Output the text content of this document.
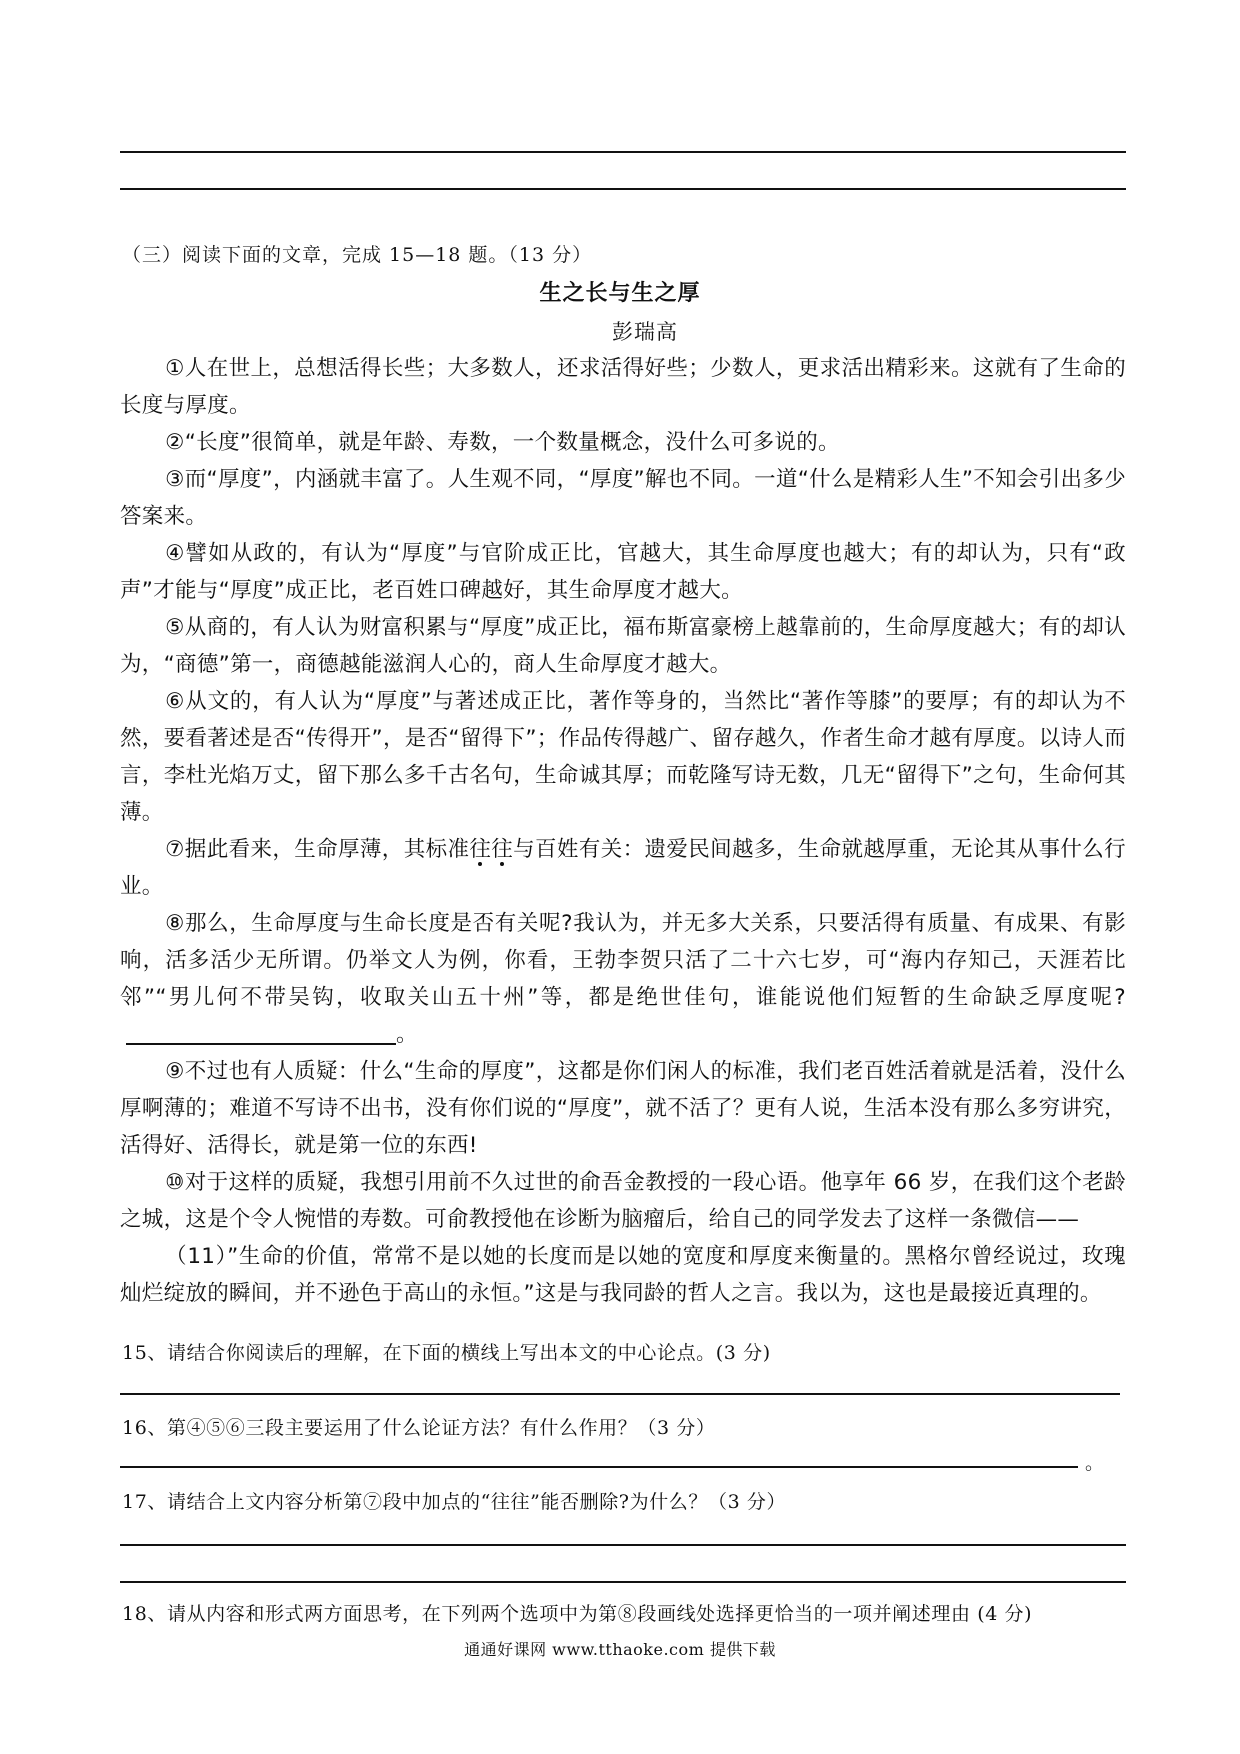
（三）阅读下面的文章，完成 15—18 题。（13 分）
生之长与生之厚
彭瑞高

①人在世上，总想活得长些；大多数人，还求活得好些；少数人，更求活出精彩来。这就有了生命的长度与厚度。

②“长度”很简单，就是年龄、寿数，一个数量概念，没什么可多说的。

③而“厚度”，内涵就丰富了。人生观不同，“厚度”解也不同。一道“什么是精彩人生”不知会引出多少答案来。

④譬如从政的，有认为“厚度”与官阶成正比，官越大，其生命厚度也越大；有的却认为，只有“政声”才能与“厚度”成正比，老百姓口碑越好，其生命厚度才越大。

⑤从商的，有人认为财富积累与“厚度”成正比，福布斯富豪榜上越靠前的，生命厚度越大；有的却认为，“商德”第一，商德越能滋润人心的，商人生命厚度才越大。

⑥从文的，有人认为“厚度”与著述成正比，著作等身的，当然比“著作等膝”的要厚；有的却认为不然，要看著述是否“传得开”，是否“留得下”；作品传得越广、留存越久，作者生命才越有厚度。以诗人而言，李杜光焰万丈，留下那么多千古名句，生命诚其厚；而乾隆写诗无数，几无“留得下”之句，生命何其薄。

⑦据此看来，生命厚薄，其标准往往与百姓有关：遗爱民间越多，生命就越厚重，无论其从事什么行业。

⑧那么，生命厚度与生命长度是否有关呢?我认为，并无多大关系，只要活得有质量、有成果、有影响，活多活少无所谓。仍举文人为例，你看，王勃李贺只活了二十六七岁，可“海内存知己，天涯若比邻”“男儿何不带吴钩，收取关山五十州”等，都是绝世佳句，谁能说他们短暂的生命缺乏厚度呢?。

⑨不过也有人质疑：什么“生命的厚度”，这都是你们闲人的标准，我们老百姓活着就是活着，没什么厚啊薄的；难道不写诗不出书，没有你们说的“厚度”，就不活了？更有人说，生活本没有那么多穷讲究，活得好、活得长，就是第一位的东西!

⑩对于这样的质疑，我想引用前不久过世的俞吾金教授的一段心语。他享年 66 岁，在我们这个老龄之城，这是个令人惋惜的寿数。可俞教授他在诊断为脑瘤后，给自己的同学发去了这样一条微信——

（11）”生命的价值，常常不是以她的长度而是以她的宽度和厚度来衡量的。黑格尔曾经说过，玫瑰灿烂绽放的瞬间，并不逊色于高山的永恒。”这是与我同龄的哲人之言。我以为，这也是最接近真理的。

15、请结合你阅读后的理解，在下面的横线上写出本文的中心论点。(3 分)
16、第④⑤⑥三段主要运用了什么论证方法？有什么作用？（3 分）
。
17、请结合上文内容分析第⑦段中加点的“往往”能否删除?为什么？（3 分）
18、请从内容和形式两方面思考，在下列两个选项中为第⑧段画线处选择更恰当的一项并阐述理由 (4 分)
通通好课网 www.tthaoke.com 提供下载
